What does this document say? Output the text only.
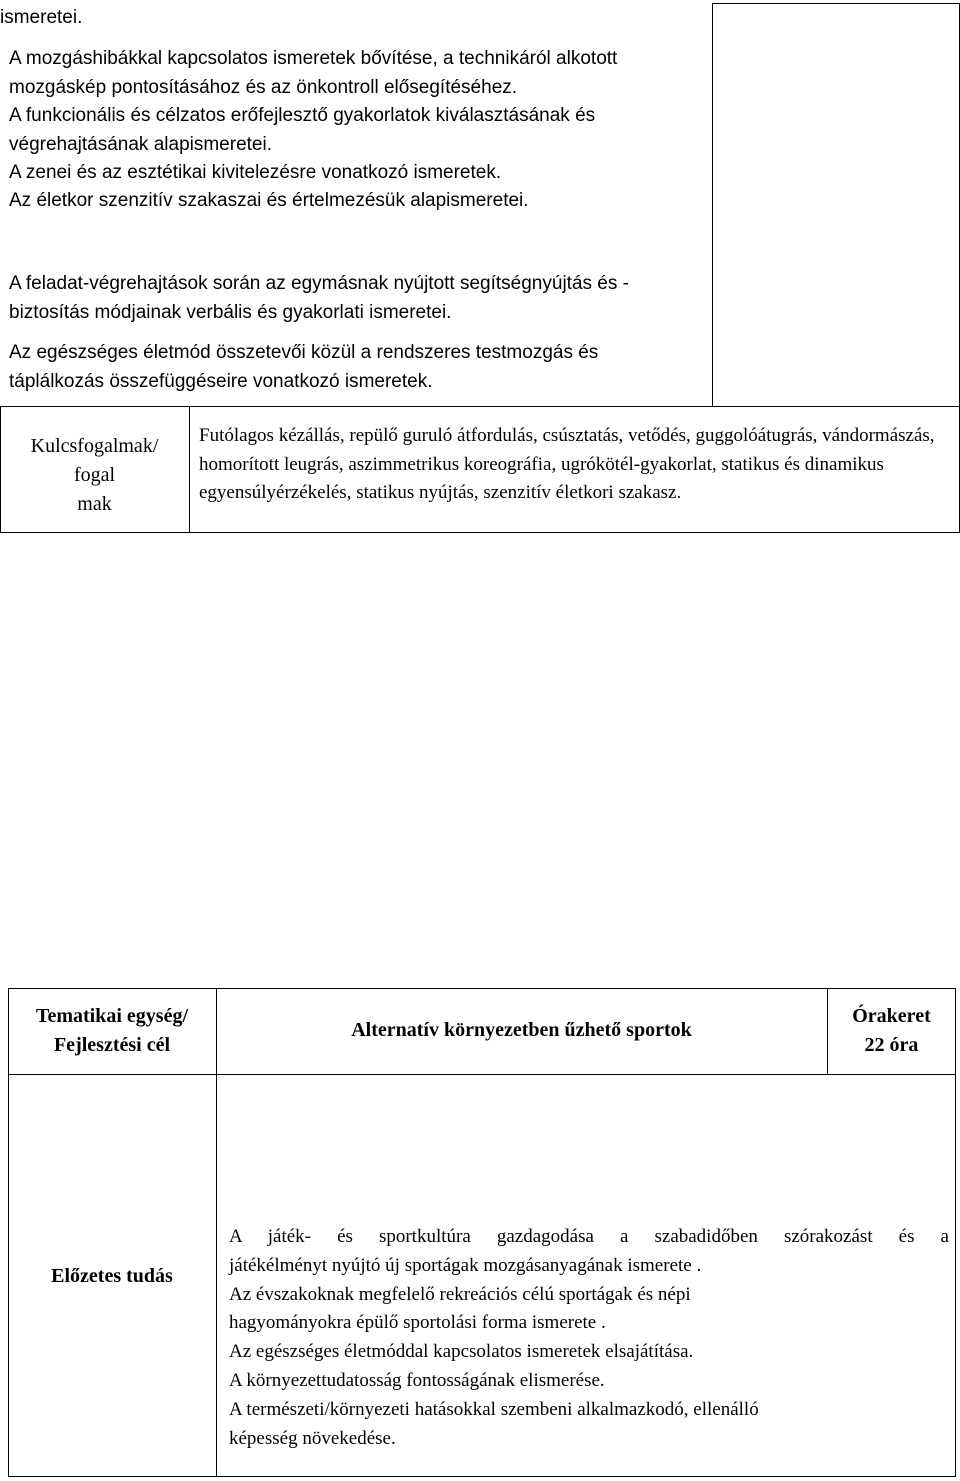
ismeretei.
A mozgáshibákkal kapcsolatos ismeretek bővítése, a technikáról alkotott mozgáskép pontosításához és az önkontroll elősegítéséhez.
A funkcionális és célzatos erőfejlesztő gyakorlatok kiválasztásának és végrehajtásának alapismeretei.
A zenei és az esztétikai kivitelezésre vonatkozó ismeretek.
Az életkor szenzitív szakaszai és értelmezésük alapismeretei.
A feladat-végrehajtások során az egymásnak nyújtott segítségnyújtás és -biztosítás módjainak verbális és gyakorlati ismeretei.
Az egészséges életmód összetevői közül a rendszeres testmozgás és táplálkozás összefüggéseire vonatkozó ismeretek.
Kulcsfogalmak/
fogal
mak
Futólagos kézállás, repülő guruló átfordulás, csúsztatás, vetődés, guggolóátugrás, vándormászás, homorított leugrás, aszimmetrikus koreográfia, ugrókötél-gyakorlat, statikus és dinamikus egyensúlyérzékelés, statikus nyújtás, szenzitív életkori szakasz.
Tematikai egység/
Fejlesztési cél
Alternatív környezetben űzhető sportok
Órakeret
22 óra
Előzetes tudás
A játék- és sportkultúra gazdagodása a szabadidőben szórakozást és a
játékélményt nyújtó új sportágak mozgásanyagának ismerete .
Az évszakoknak megfelelő rekreációs célú sportágak és népi
hagyományokra épülő sportolási forma ismerete .
Az egészséges életmóddal kapcsolatos ismeretek elsajátítása.
A környezettudatosság fontosságának elismerése.
A természeti/környezeti hatásokkal szembeni alkalmazkodó, ellenálló
képesség növekedése.
